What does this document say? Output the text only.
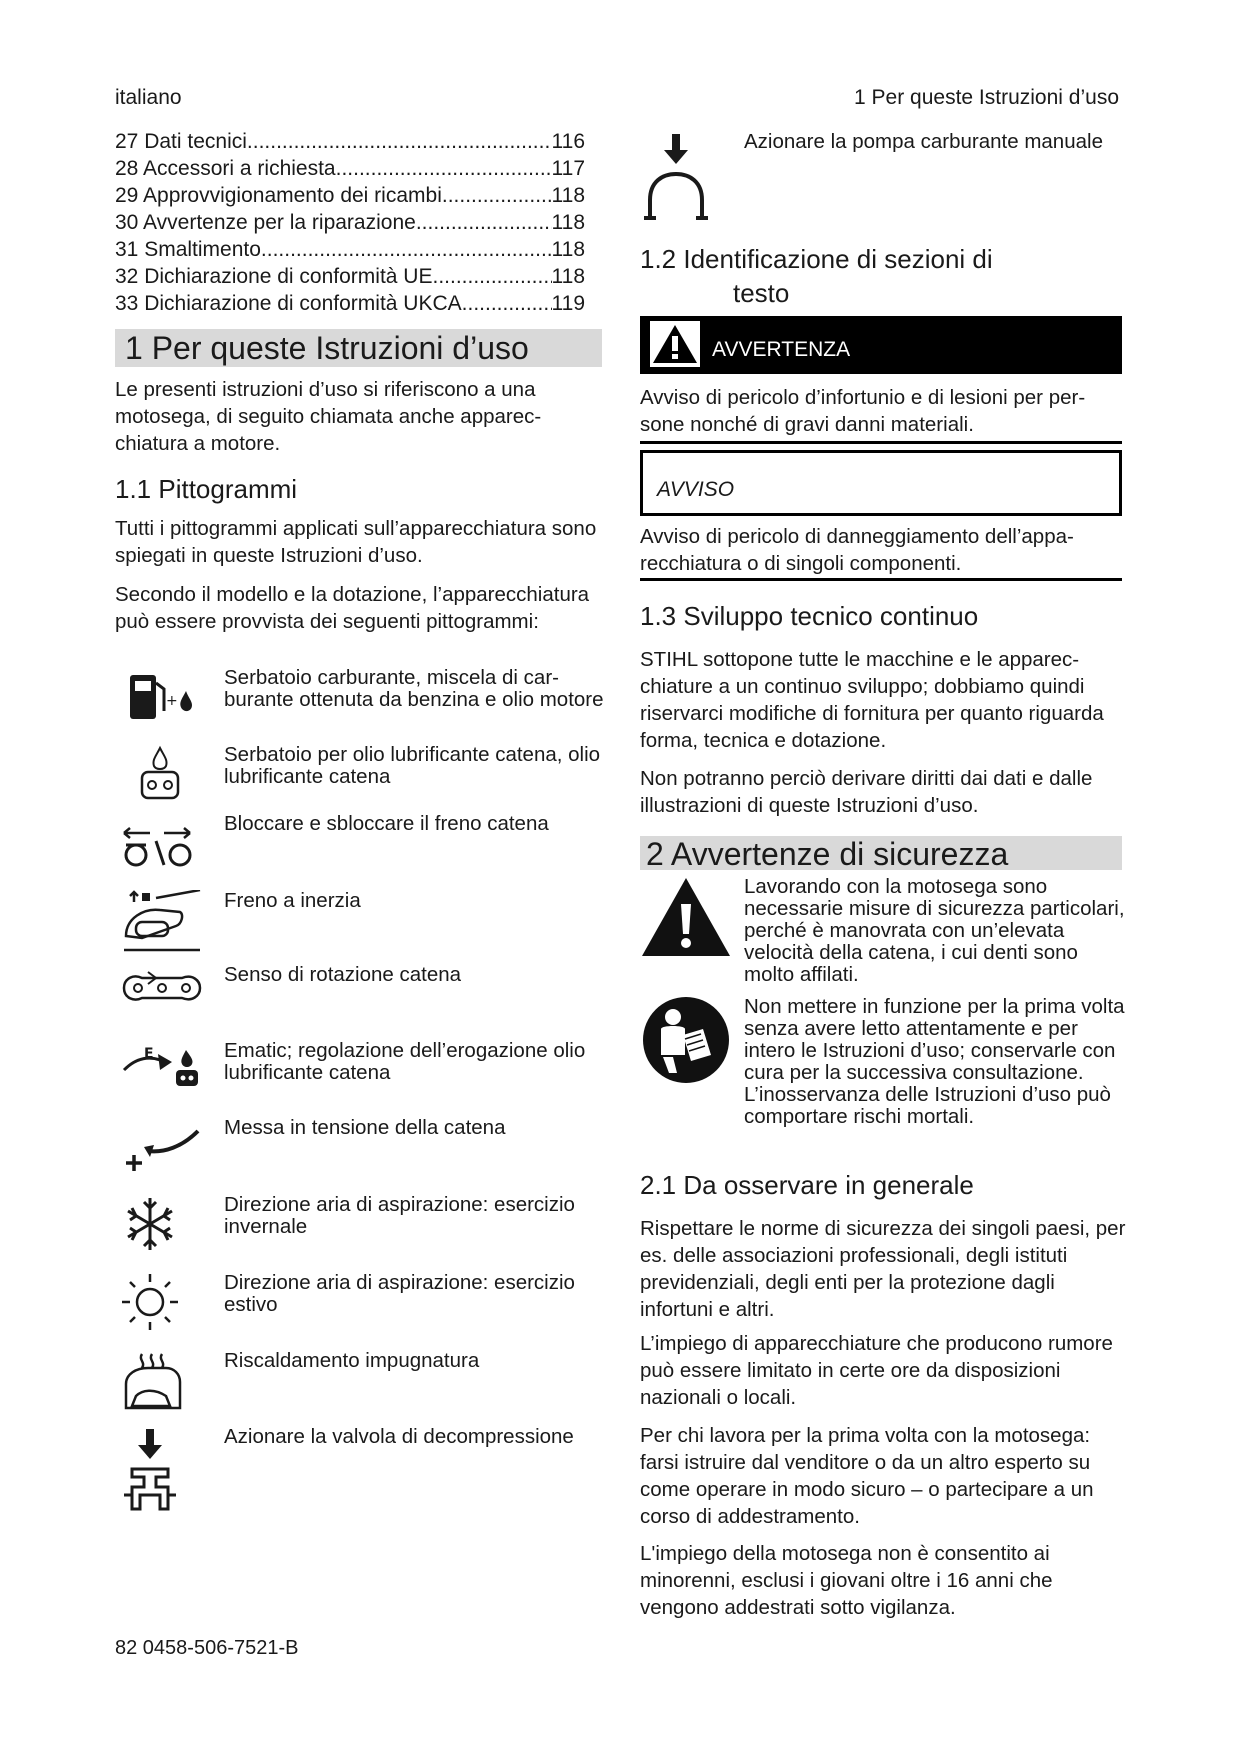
italiano	1 Per queste Istruzioni d’uso
27 Dati tecnici .....	116
28 Accessori a richiesta .....	117
29 Approvvigionamento dei ricambi .....	118
30 Avvertenze per la riparazione .....	118
31 Smaltimento .....	118
32 Dichiarazione di conformità UE .....	118
33 Dichiarazione di conformità UKCA .....	119
1 Per queste Istruzioni d’uso
Le presenti istruzioni d’uso si riferiscono a una motosega, di seguito chiamata anche apparecchiatura a motore.
1.1 Pittogrammi
Tutti i pittogrammi applicati sull’apparecchiatura sono spiegati in queste Istruzioni d’uso.
Secondo il modello e la dotazione, l’apparecchiatura può essere provvista dei seguenti pittogrammi:
+
Serbatoio carburante, miscela di carburante ottenuta da benzina e olio motore
Serbatoio per olio lubrificante catena, olio lubrificante catena
Bloccare e sbloccare il freno catena
Freno a inerzia
Senso di rotazione catena
E	Ematic; regolazione dell’erogazione olio lubrificante catena
Messa in tensione della catena
Direzione aria di aspirazione: esercizio invernale
Direzione aria di aspirazione: esercizio estivo
Riscaldamento impugnatura
Azionare la valvola di decompressione
Azionare la pompa carburante manuale
1.2 Identificazione di sezioni di
testo
AVVERTENZA
Avviso di pericolo d’infortunio e di lesioni per persone nonché di gravi danni materiali.
AVVISO
Avviso di pericolo di danneggiamento dell’apparecchiatura o di singoli componenti.
1.3 Sviluppo tecnico continuo
STIHL sottopone tutte le macchine e le apparecchiature a un continuo sviluppo; dobbiamo quindi riservarci modifiche di fornitura per quanto riguarda forma, tecnica e dotazione.
Non potranno perciò derivare diritti dai dati e dalle illustrazioni di queste Istruzioni d’uso.
2 Avvertenze di sicurezza
Lavorando con la motosega sono necessarie misure di sicurezza particolari, perché è manovrata con un’elevata velocità della catena, i cui denti sono molto affilati.
Non mettere in funzione per la prima volta senza avere letto attentamente e per intero le Istruzioni d’uso; conservarle con cura per la successiva consultazione. L’inosservanza delle Istruzioni d’uso può comportare rischi mortali.
2.1 Da osservare in generale
Rispettare le norme di sicurezza dei singoli paesi, per es. delle associazioni professionali, degli istituti previdenziali, degli enti per la protezione dagli infortuni e altri.
L’impiego di apparecchiature che producono rumore può essere limitato in certe ore da disposizioni nazionali o locali.
Per chi lavora per la prima volta con la motosega: farsi istruire dal venditore o da un altro esperto su come operare in modo sicuro – o partecipare a un corso di addestramento.
L'impiego della motosega non è consentito ai minorenni, esclusi i giovani oltre i 16 anni che vengono addestrati sotto vigilanza.
82 0458-506-7521-B
